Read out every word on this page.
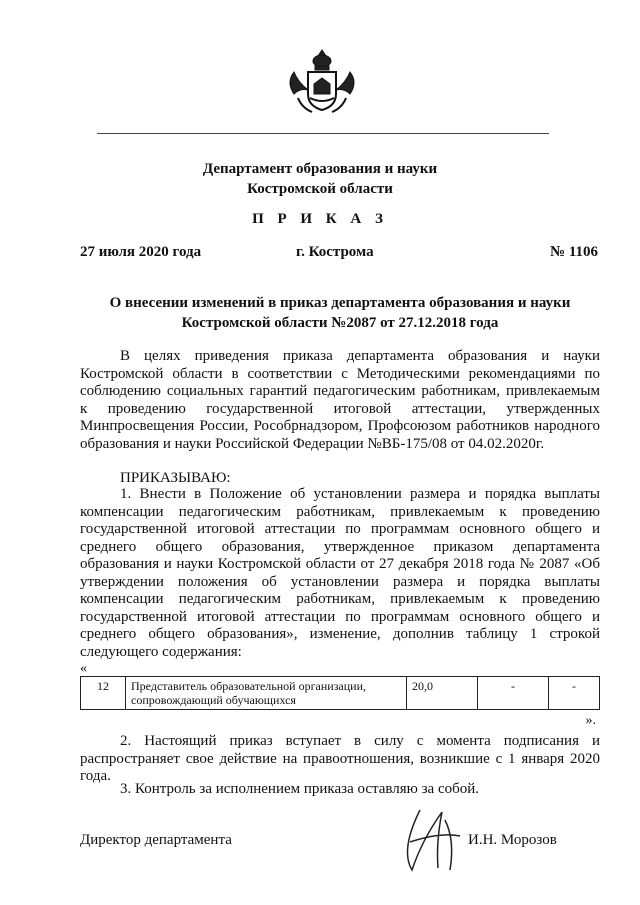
Департамент образования и науки
Костромской области
П Р И К А З
27 июля 2020 года	г. Кострома	№ 1106
О внесении изменений в приказ департамента образования и науки
Костромской области №2087 от 27.12.2018 года
В целях приведения приказа департамента образования и науки Костромской области в соответствии с Методическими рекомендациями по соблюдению социальных гарантий педагогическим работникам, привлекаемым к проведению государственной итоговой аттестации, утвержденных Минпросвещения России, Рособрнадзором, Профсоюзом работников народного образования и науки Российской Федерации №ВБ-175/08 от 04.02.2020г.
ПРИКАЗЫВАЮ:
1. Внести в Положение об установлении размера и порядка выплаты компенсации педагогическим работникам, привлекаемым к проведению государственной итоговой аттестации по программам основного общего и среднего общего образования, утвержденное приказом департамента образования и науки Костромской области от 27 декабря 2018 года № 2087 «Об утверждении положения об установлении размера и порядка выплаты компенсации педагогическим работникам, привлекаемым к проведению государственной итоговой аттестации по программам основного общего и среднего общего образования», изменение, дополнив таблицу 1 строкой следующего содержания:
«
12	Представитель образовательной организации, сопровождающий обучающихся	20,0	-	-
».
2. Настоящий приказ вступает в силу с момента подписания и распространяет свое действие на правоотношения, возникшие с 1 января 2020 года.
3. Контроль за исполнением приказа оставляю за собой.
Директор департамента	И.Н. Морозов
